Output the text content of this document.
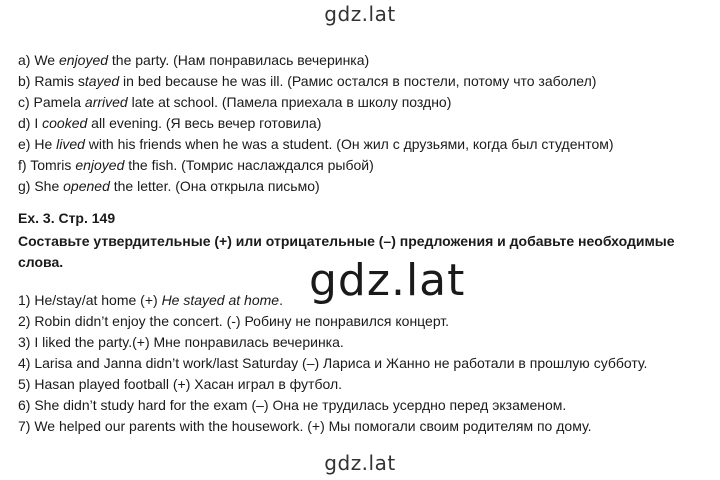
gdz.lat
a) We enjoyed the party. (Нам понравилась вечеринка)
b) Ramis stayed in bed because he was ill. (Рамис остался в постели, потому что заболел)
c) Pamela arrived late at school. (Памела приехала в школу поздно)
d) I cooked all evening. (Я весь вечер готовила)
e) He lived with his friends when he was a student. (Он жил с друзьями, когда был студентом)
f) Tomris enjoyed the fish. (Томрис наслаждался рыбой)
g) She opened the letter. (Она открыла письмо)
Ex. 3. Стр. 149
Составьте утвердительные (+) или отрицательные (–) предложения и добавьте необходимые слова.	gdz.lat
1) He/stay/at home (+) He stayed at home.
2) Robin didn’t enjoy the concert. (-) Робину не понравился концерт.
3) I liked the party.(+) Мне понравилась вечеринка.
4) Larisa and Janna didn’t work/last Saturday (–) Лариса и Жанно не работали в прошлую субботу.
5) Hasan played football (+) Хасан играл в футбол.
6) She didn’t study hard for the exam (–) Она не трудилась усердно перед экзаменом.
7) We helped our parents with the housework. (+) Мы помогали своим родителям по дому.
gdz.lat
